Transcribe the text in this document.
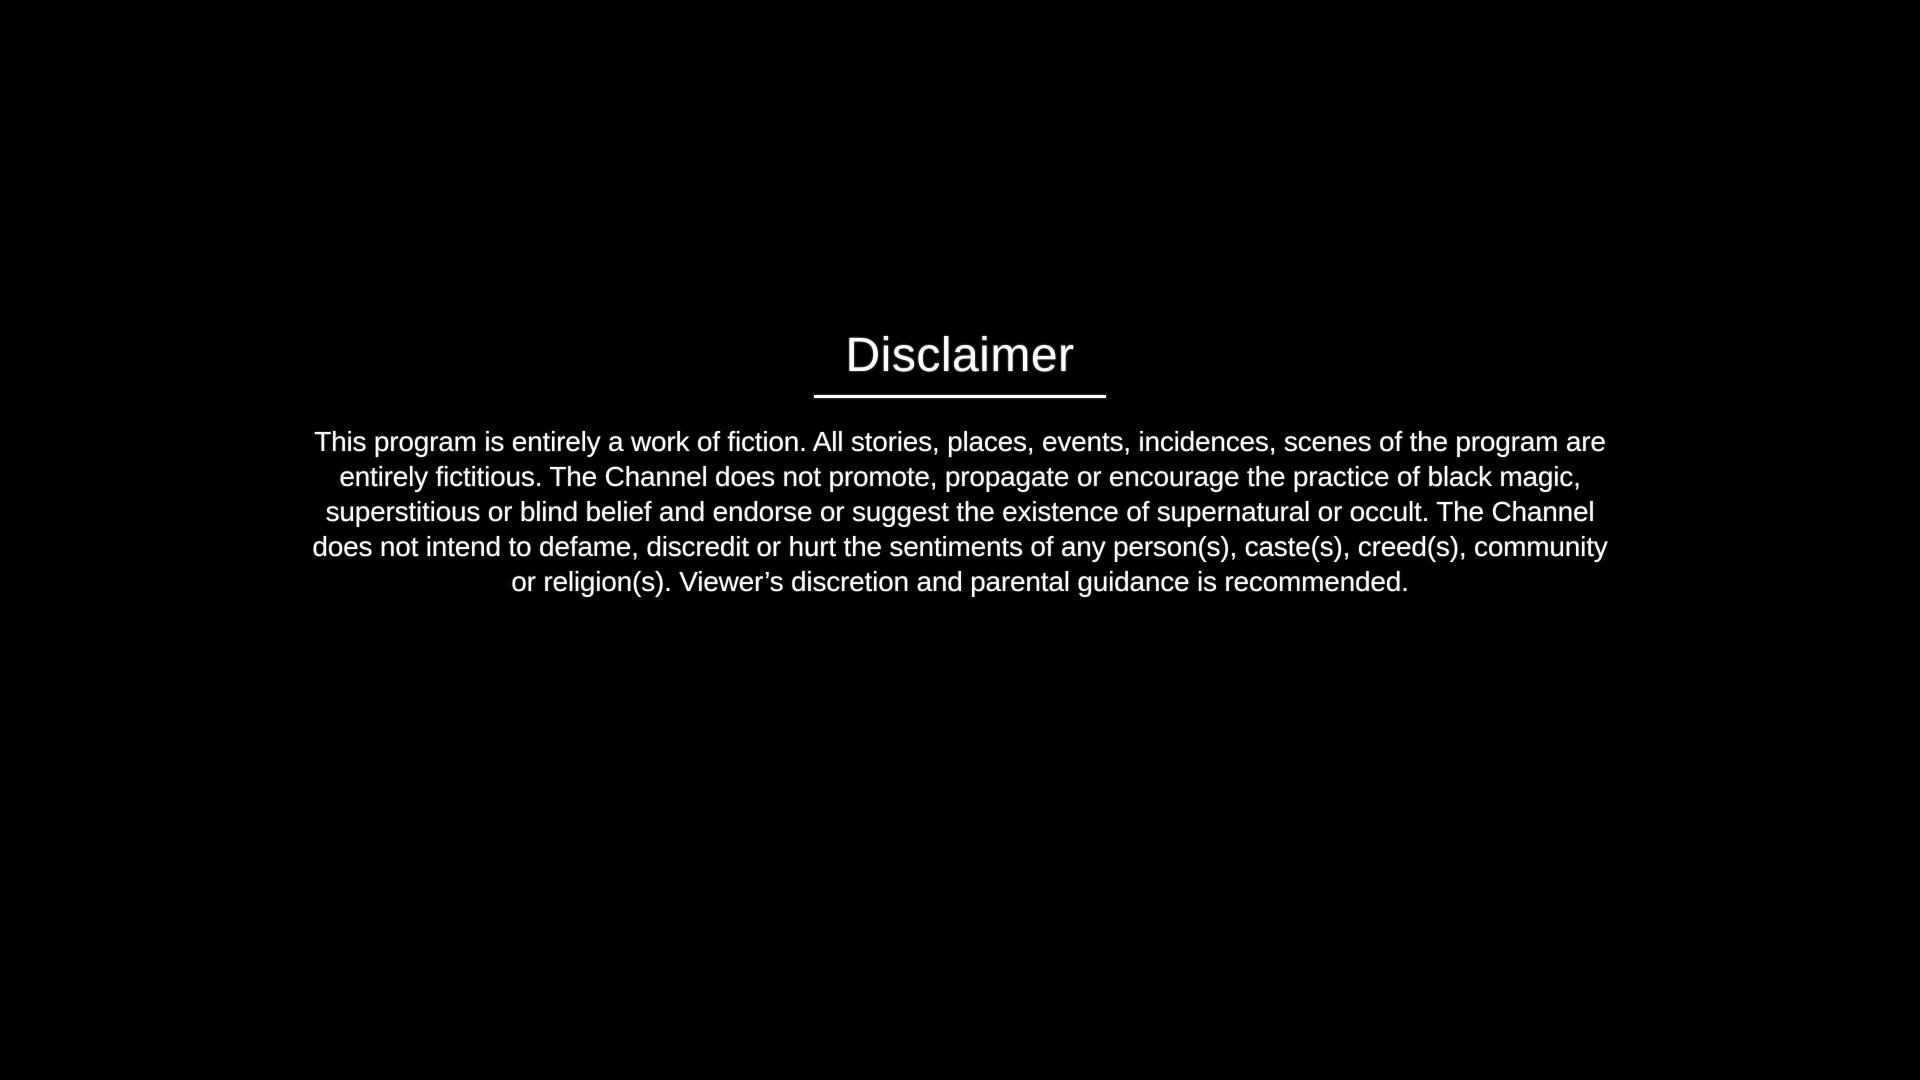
Disclaimer
This program is entirely a work of fiction. All stories, places, events, incidences, scenes of the program are
entirely fictitious. The Channel does not promote, propagate or encourage the practice of black magic,
superstitious or blind belief and endorse or suggest the existence of supernatural or occult. The Channel
does not intend to defame, discredit or hurt the sentiments of any person(s), caste(s), creed(s), community
or religion(s). Viewer’s discretion and parental guidance is recommended.
